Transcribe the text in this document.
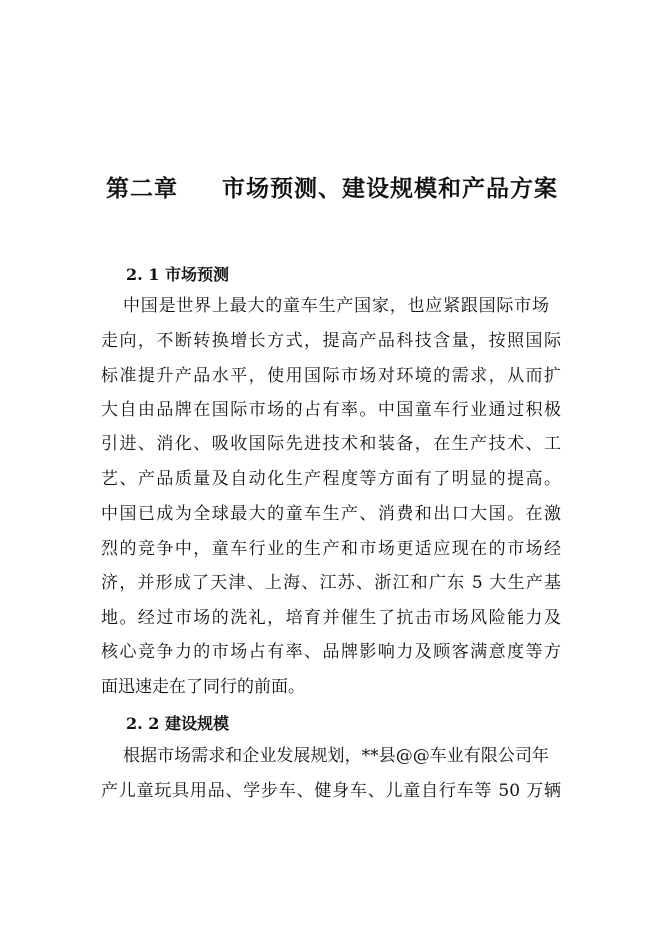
第二章 市场预测、建设规模和产品方案
2. 1 市场预测
中国是世界上最大的童车生产国家，也应紧跟国际市场
走向，不断转换增长方式，提高产品科技含量，按照国际
标准提升产品水平，使用国际市场对环境的需求，从而扩
大自由品牌在国际市场的占有率。中国童车行业通过积极
引进、消化、吸收国际先进技术和装备，在生产技术、工
艺、产品质量及自动化生产程度等方面有了明显的提高。
中国已成为全球最大的童车生产、消费和出口大国。在激
烈的竞争中，童车行业的生产和市场更适应现在的市场经
济，并形成了天津、上海、江苏、浙江和广东 5 大生产基
地。经过市场的洗礼，培育并催生了抗击市场风险能力及
核心竞争力的市场占有率、品牌影响力及顾客满意度等方
面迅速走在了同行的前面。
2. 2 建设规模
根据市场需求和企业发展规划，**县@@车业有限公司年
产儿童玩具用品、学步车、健身车、儿童自行车等 50 万辆
